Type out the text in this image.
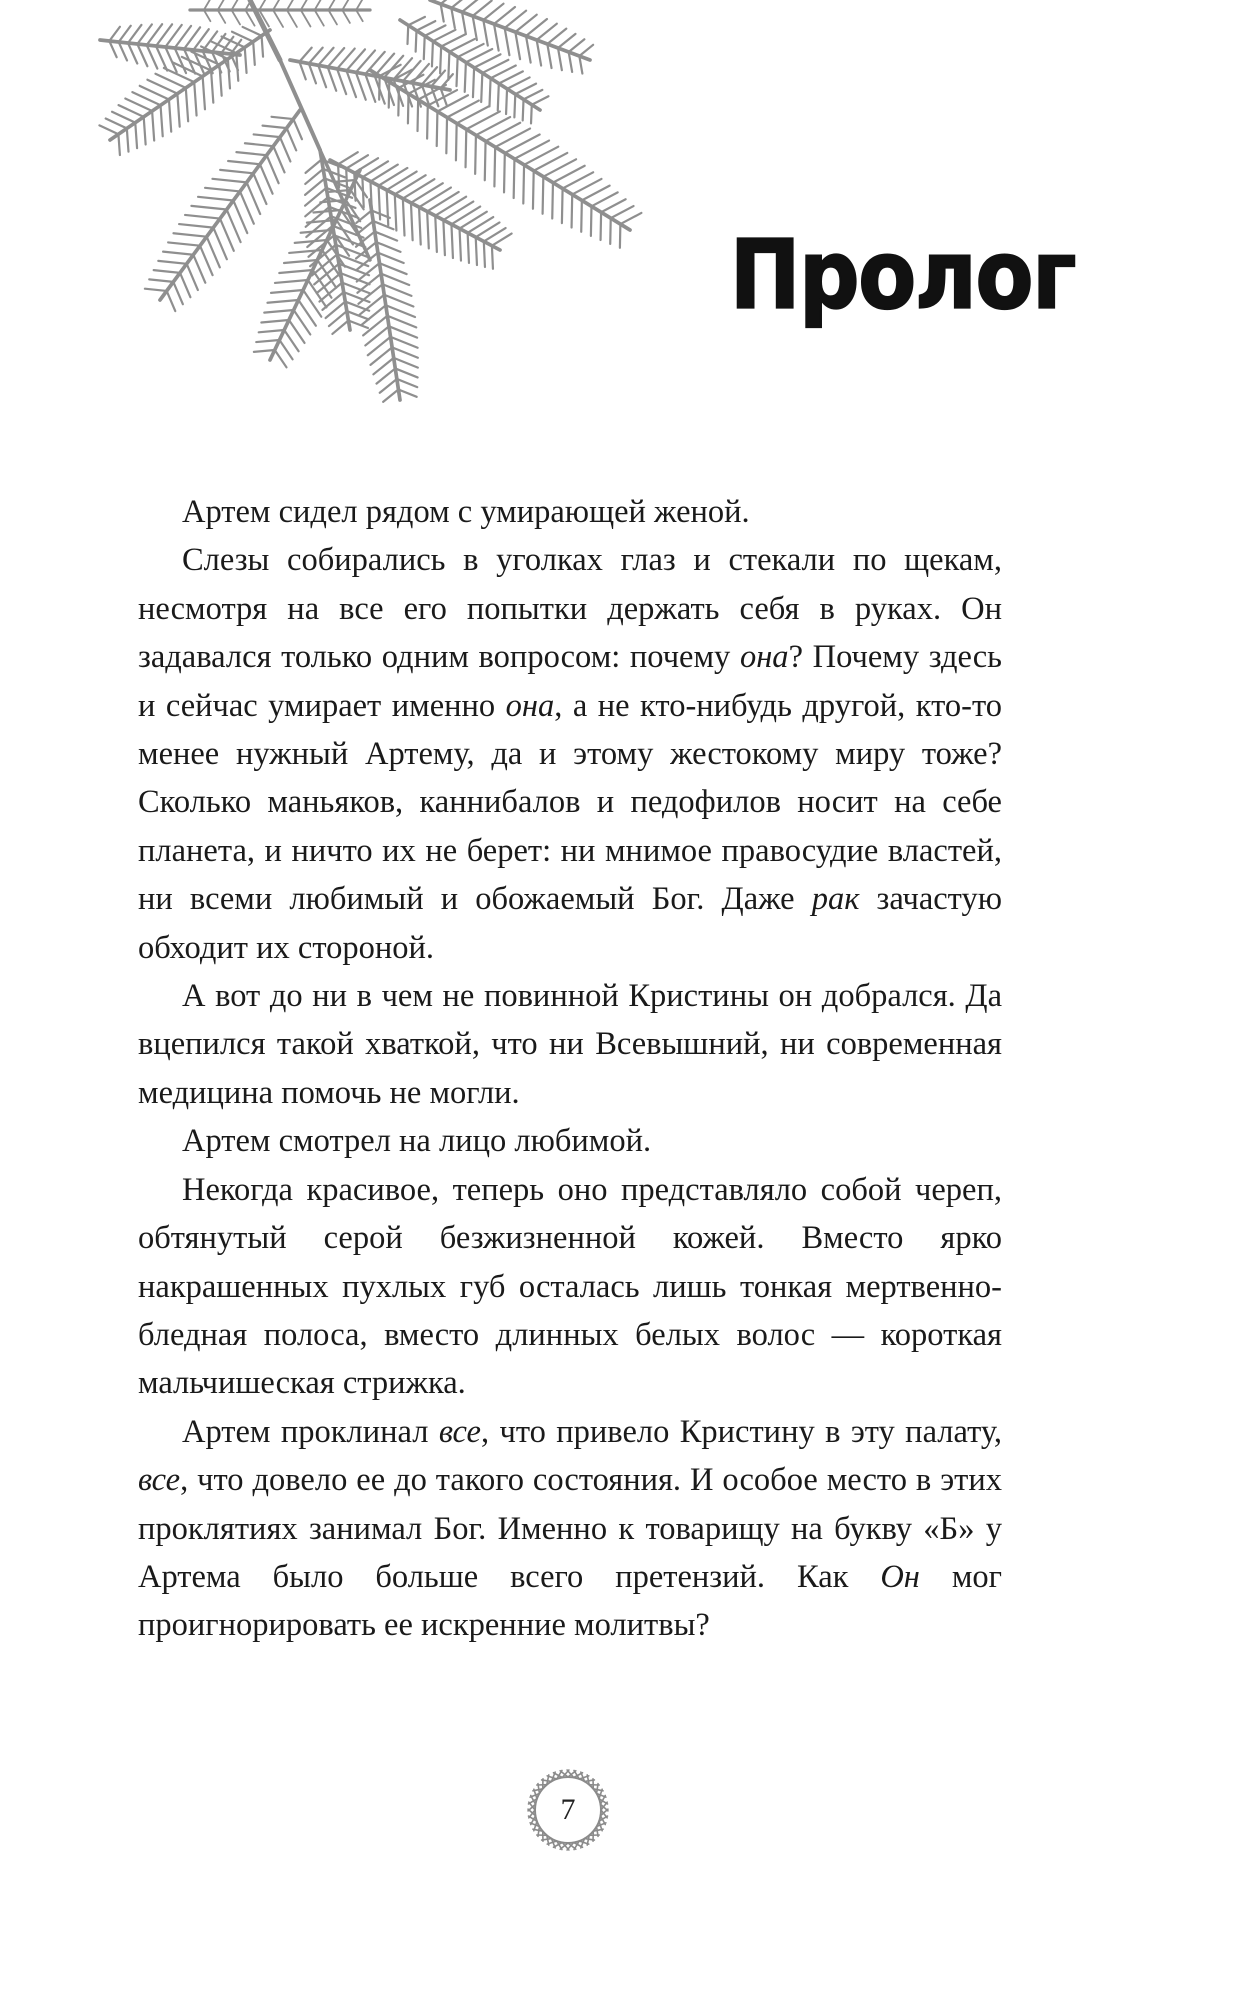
Пролог

Артем сидел рядом с умирающей женой.

Слезы собирались в уголках глаз и стекали по щекам, несмотря на все его попытки держать себя в руках. Он задавался только одним вопросом: почему она? Почему здесь и сейчас умирает именно она, а не кто-нибудь другой, кто-то менее нужный Артему, да и этому жестокому миру тоже? Сколько маньяков, каннибалов и педофилов носит на себе планета, и ничто их не берет: ни мнимое правосудие властей, ни всеми любимый и обожаемый Бог. Даже рак зачастую обходит их стороной.

А вот до ни в чем не повинной Кристины он добрался. Да вцепился такой хваткой, что ни Всевышний, ни современная медицина помочь не могли.

Артем смотрел на лицо любимой.

Некогда красивое, теперь оно представляло собой череп, обтянутый серой безжизненной кожей. Вместо ярко накрашенных пухлых губ осталась лишь тонкая мертвенно-бледная полоса, вместо длинных белых волос — короткая мальчишеская стрижка.

Артем проклинал все, что привело Кристину в эту палату, все, что довело ее до такого состояния. И особое место в этих проклятиях занимал Бог. Именно к товарищу на букву «Б» у Артема было больше всего претензий. Как Он мог проигнорировать ее искренние молитвы?

7
